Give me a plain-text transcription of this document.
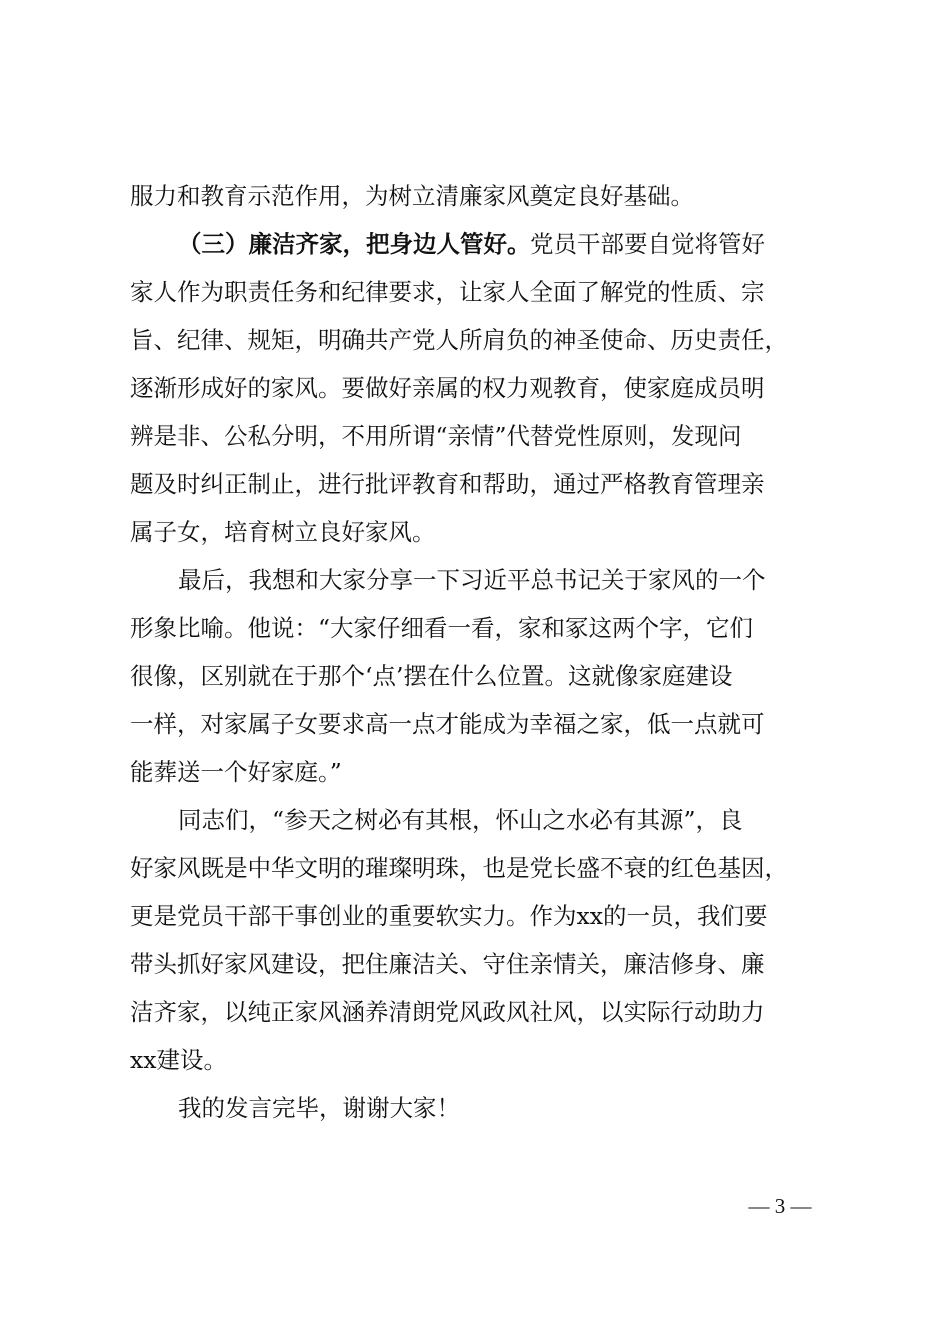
服力和教育示范作用，为树立清廉家风奠定良好基础。
（三）廉洁齐家，把身边人管好。 党员干部要自觉将管好
家人作为职责任务和纪律要求，让家人全面了解党的性质、宗
旨、纪律、规矩，明确共产党人所肩负的神圣使命、历史责任，
逐渐形成好的家风。要做好亲属的权力观教育，使家庭成员明
辨是非、公私分明，不用所谓“亲情”代替党性原则，发现问
题及时纠正制止，进行批评教育和帮助，通过严格教育管理亲
属子女，培育树立良好家风。
最后，我想和大家分享一下习近平总书记关于家风的一个
形象比喻。他说：“大家仔细看一看，家和冢这两个字，它们
很像，区别就在于那个‘点’摆在什么位置。这就像家庭建设
一样，对家属子女要求高一点才能成为幸福之家，低一点就可
能葬送一个好家庭。”
同志们，“参天之树必有其根，怀山之水必有其源”，良
好家风既是中华文明的璀璨明珠，也是党长盛不衰的红色基因，
更是党员干部干事创业的重要软实力。作为xx的一员，我们要
带头抓好家风建设，把住廉洁关、守住亲情关，廉洁修身、廉
洁齐家，以纯正家风涵养清朗党风政风社风，以实际行动助力
xx建设。
我的发言完毕，谢谢大家！
— 3 —
